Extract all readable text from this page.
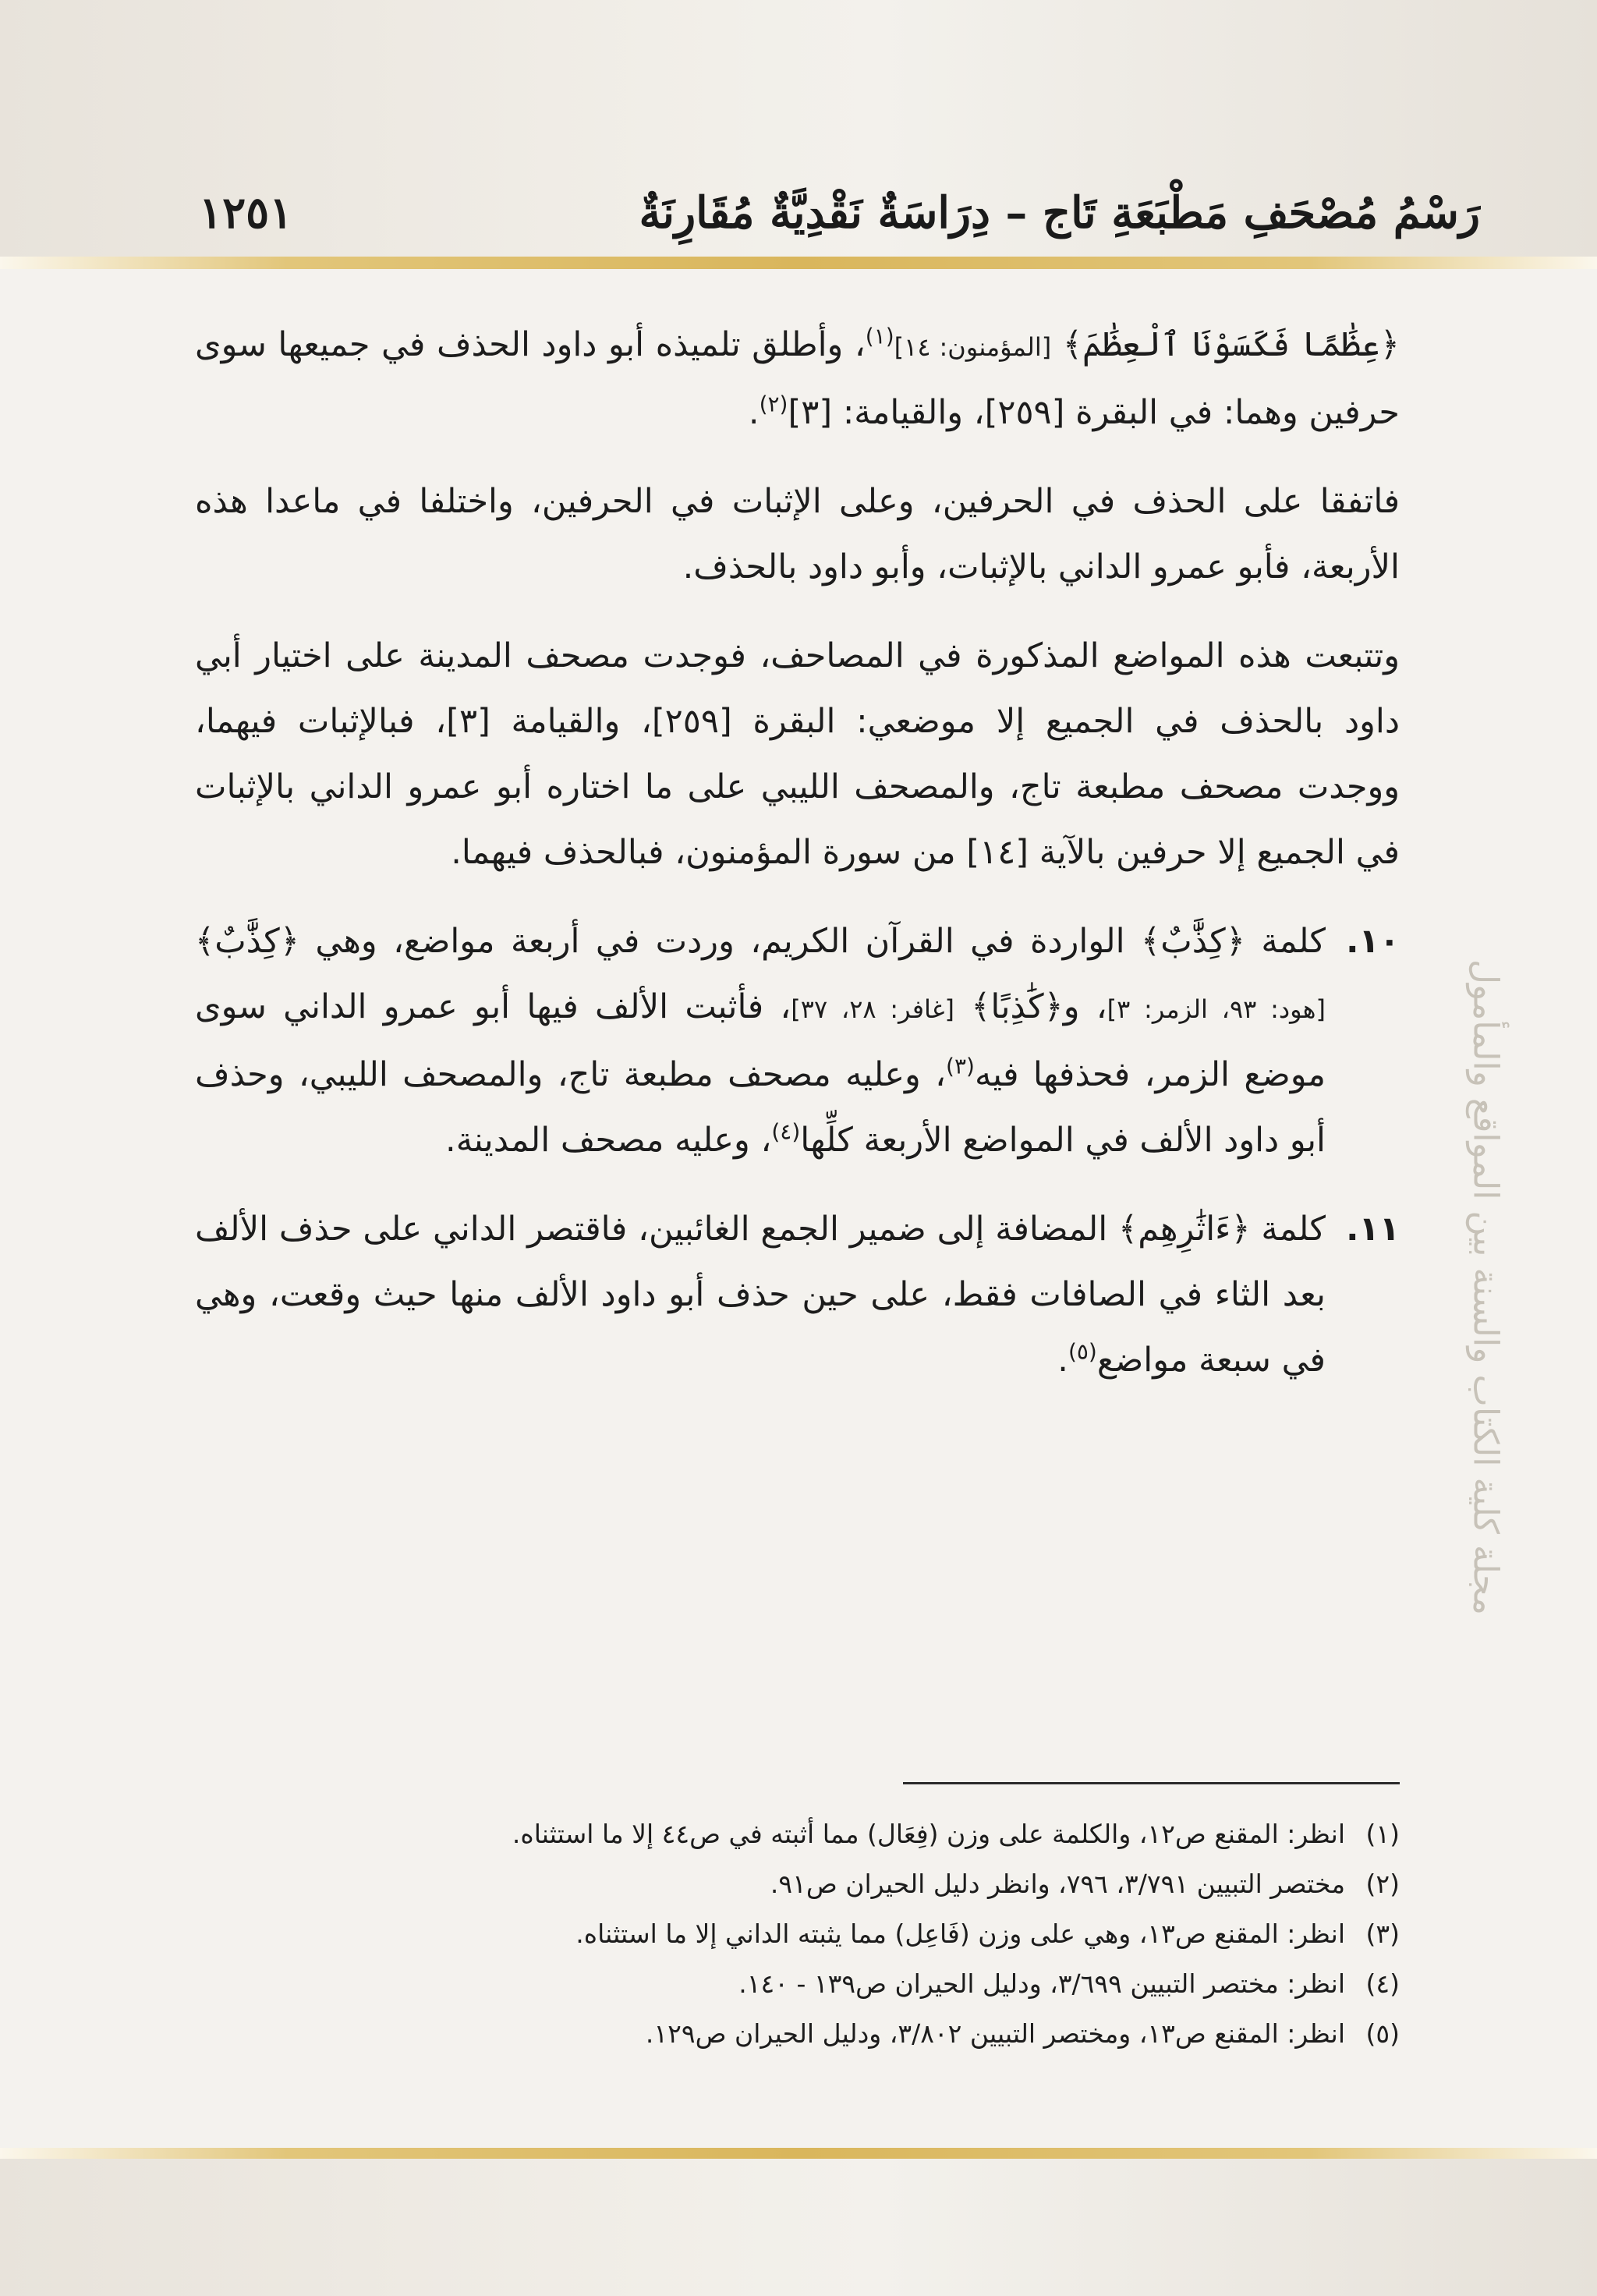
رَسْمُ مُصْحَفِ مَطْبَعَةِ تَاج – دِرَاسَةٌ نَقْدِيَّةٌ مُقَارِنَةٌ
١٢٥١
مجلة كلية الكتاب والسنة بين المواقع والمأمول

﴿عِظَٰمًا فَكَسَوْنَا ٱلْعِظَٰمَ﴾ [المؤمنون: ١٤]$^{(١)}$، وأطلق تلميذه أبو داود الحذف في جميعها سوى حرفين وهما: في البقرة [٢٥٩]، والقيامة: [٣]$^{(٢)}$.

فاتفقا على الحذف في الحرفين، وعلى الإثبات في الحرفين، واختلفا في ماعدا هذه الأربعة، فأبو عمرو الداني بالإثبات، وأبو داود بالحذف.

وتتبعت هذه المواضع المذكورة في المصاحف، فوجدت مصحف المدينة على اختيار أبي داود بالحذف في الجميع إلا موضعي: البقرة [٢٥٩]، والقيامة [٣]، فبالإثبات فيهما، ووجدت مصحف مطبعة تاج، والمصحف الليبي على ما اختاره أبو عمرو الداني بالإثبات في الجميع إلا حرفين بالآية [١٤] من سورة المؤمنون، فبالحذف فيهما.

١٠.
كلمة ﴿كِذَّٰبٌ﴾ الواردة في القرآن الكريم، وردت في أربعة مواضع، وهي ﴿كِذَّٰبٌ﴾ [هود: ٩٣، الزمر: ٣]، و﴿كَٰذِبًا﴾ [غافر: ٢٨، ٣٧]، فأثبت الألف فيها أبو عمرو الداني سوى موضع الزمر، فحذفها فيه$^{(٣)}$، وعليه مصحف مطبعة تاج، والمصحف الليبي، وحذف أبو داود الألف في المواضع الأربعة كلِّها$^{(٤)}$، وعليه مصحف المدينة.
١١.
كلمة ﴿ءَاثَٰرِهِم﴾ المضافة إلى ضمير الجمع الغائبين، فاقتصر الداني على حذف الألف بعد الثاء في الصافات فقط، على حين حذف أبو داود الألف منها حيث وقعت، وهي في سبعة مواضع$^{(٥)}$.
(١)
انظر: المقنع ص١٢، والكلمة على وزن (فِعَال) مما أثبته في ص٤٤ إلا ما استثناه.
(٢)
مختصر التبيين ٣/٧٩١، ٧٩٦، وانظر دليل الحيران ص٩١.
(٣)
انظر: المقنع ص١٣، وهي على وزن (فَاعِل) مما يثبته الداني إلا ما استثناه.
(٤)
انظر: مختصر التبيين ٣/٦٩٩، ودليل الحيران ص١٣٩ - ١٤٠.
(٥)
انظر: المقنع ص١٣، ومختصر التبيين ٣/٨٠٢، ودليل الحيران ص١٢٩.
